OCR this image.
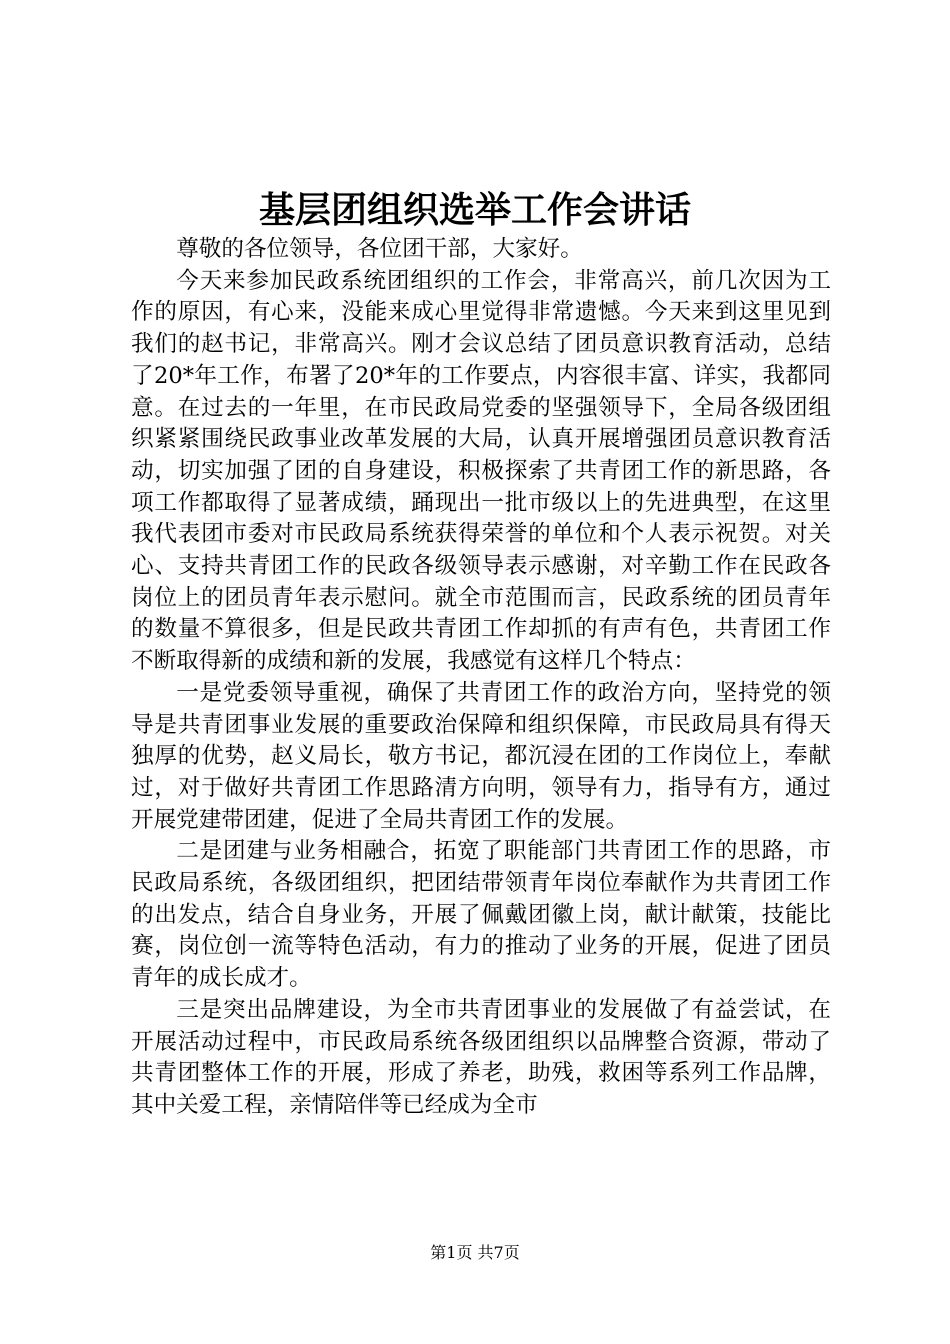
基层团组织选举工作会讲话

尊敬的各位领导，各位团干部，大家好。

今天来参加民政系统团组织的工作会，非常高兴，前几次因为工作的原因，有心来，没能来成心里觉得非常遗憾。今天来到这里见到我们的赵书记，非常高兴。刚才会议总结了团员意识教育活动，总结了20*年工作，布署了20*年的工作要点，内容很丰富、详实，我都同意。在过去的一年里，在市民政局党委的坚强领导下，全局各级团组织紧紧围绕民政事业改革发展的大局，认真开展增强团员意识教育活动，切实加强了团的自身建设，积极探索了共青团工作的新思路，各项工作都取得了显著成绩，踊现出一批市级以上的先进典型，在这里我代表团市委对市民政局系统获得荣誉的单位和个人表示祝贺。对关心、支持共青团工作的民政各级领导表示感谢，对辛勤工作在民政各岗位上的团员青年表示慰问。就全市范围而言，民政系统的团员青年的数量不算很多，但是民政共青团工作却抓的有声有色，共青团工作不断取得新的成绩和新的发展，我感觉有这样几个特点：

一是党委领导重视，确保了共青团工作的政治方向，坚持党的领导是共青团事业发展的重要政治保障和组织保障，市民政局具有得天独厚的优势，赵义局长，敬方书记，都沉浸在团的工作岗位上，奉献过，对于做好共青团工作思路清方向明，领导有力，指导有方，通过开展党建带团建，促进了全局共青团工作的发展。

二是团建与业务相融合，拓宽了职能部门共青团工作的思路，市民政局系统，各级团组织，把团结带领青年岗位奉献作为共青团工作的出发点，结合自身业务，开展了佩戴团徽上岗，献计献策，技能比赛，岗位创一流等特色活动，有力的推动了业务的开展，促进了团员青年的成长成才。

三是突出品牌建设，为全市共青团事业的发展做了有益尝试，在开展活动过程中，市民政局系统各级团组织以品牌整合资源，带动了共青团整体工作的开展，形成了养老，助残，救困等系列工作品牌，其中关爱工程，亲情陪伴等已经成为全市

第1页 共7页
